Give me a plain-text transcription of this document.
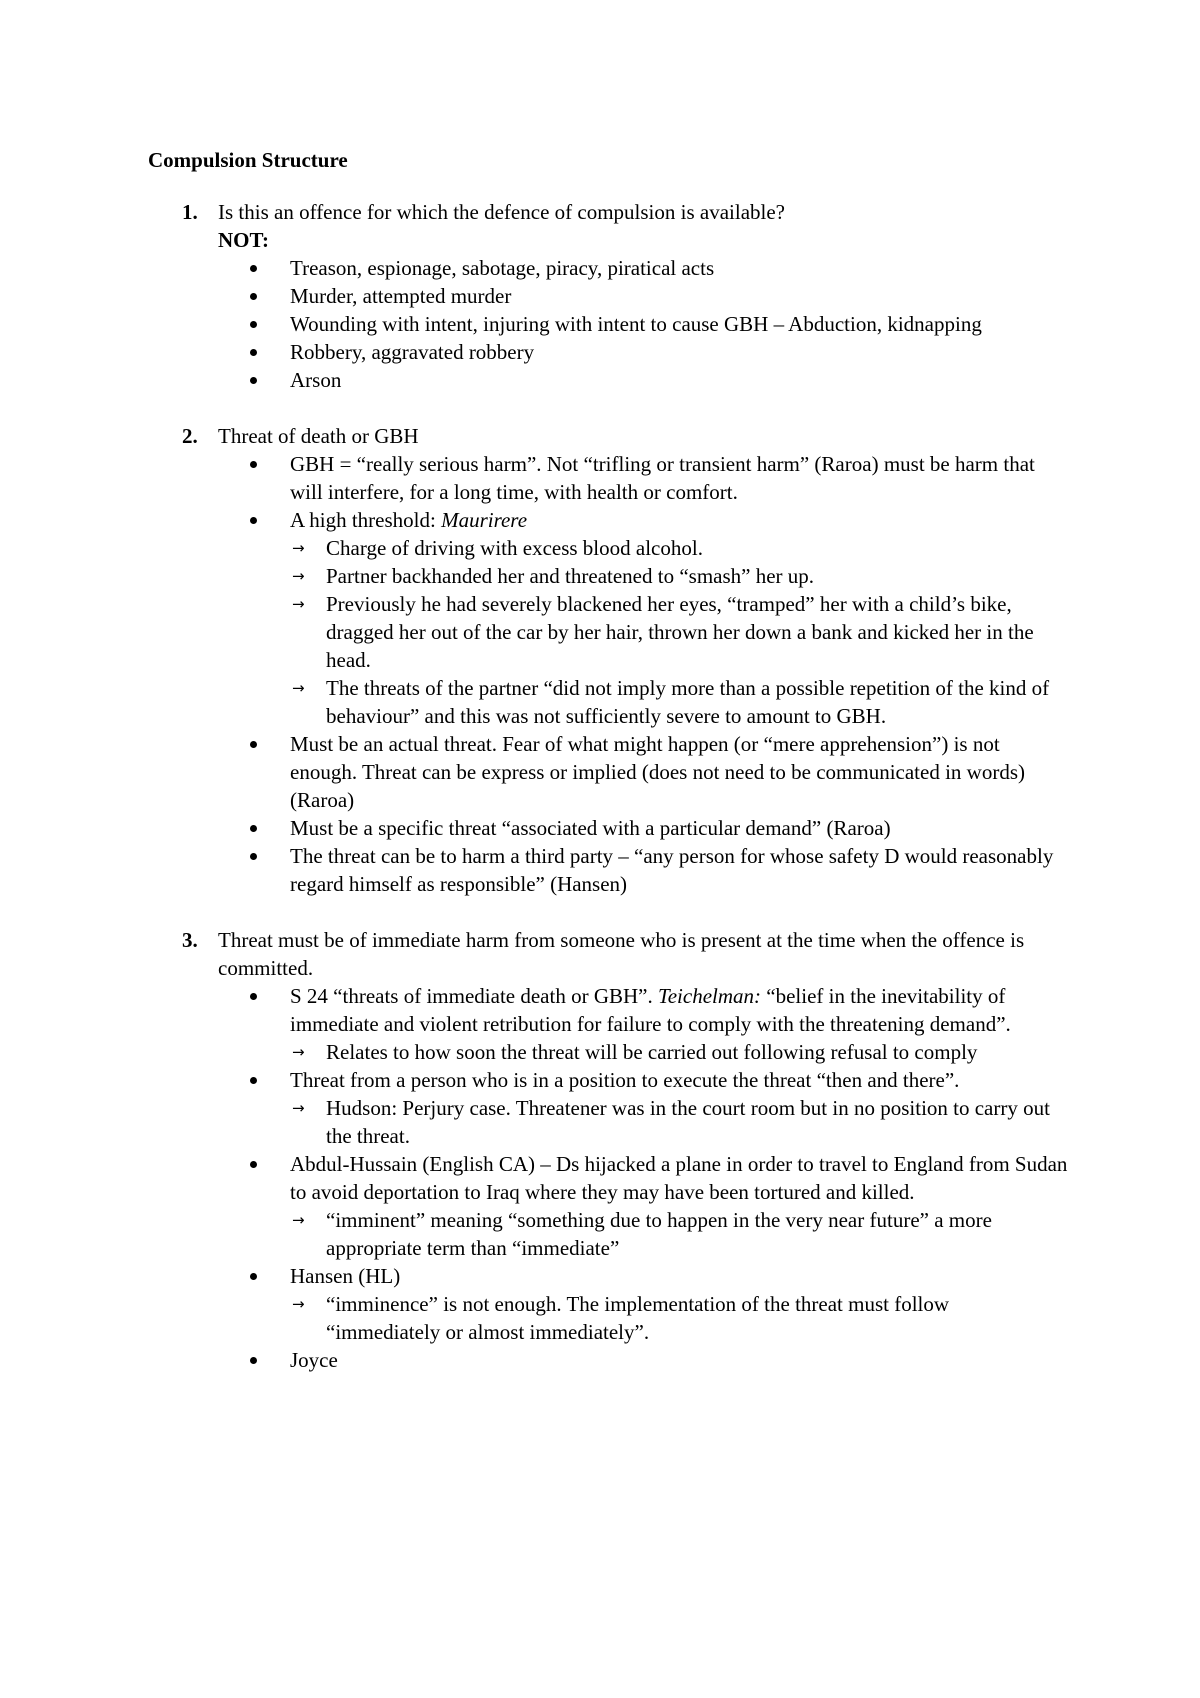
Compulsion Structure
1. Is this an offence for which the defence of compulsion is available?
NOT:
Treason, espionage, sabotage, piracy, piratical acts
Murder, attempted murder
Wounding with intent, injuring with intent to cause GBH – Abduction, kidnapping
Robbery, aggravated robbery
Arson
2. Threat of death or GBH
GBH = “really serious harm”. Not “trifling or transient harm” (Raroa) must be harm that will interfere, for a long time, with health or comfort.
A high threshold: Maurirere
→ Charge of driving with excess blood alcohol.
→ Partner backhanded her and threatened to “smash” her up.
→ Previously he had severely blackened her eyes, “tramped” her with a child’s bike, dragged her out of the car by her hair, thrown her down a bank and kicked her in the head.
→ The threats of the partner “did not imply more than a possible repetition of the kind of behaviour” and this was not sufficiently severe to amount to GBH.
Must be an actual threat. Fear of what might happen (or “mere apprehension”) is not enough. Threat can be express or implied (does not need to be communicated in words) (Raroa)
Must be a specific threat “associated with a particular demand” (Raroa)
The threat can be to harm a third party – “any person for whose safety D would reasonably regard himself as responsible” (Hansen)
3. Threat must be of immediate harm from someone who is present at the time when the offence is committed.
S 24 “threats of immediate death or GBH”. Teichelman: “belief in the inevitability of immediate and violent retribution for failure to comply with the threatening demand”.
→ Relates to how soon the threat will be carried out following refusal to comply
Threat from a person who is in a position to execute the threat “then and there”.
→ Hudson: Perjury case. Threatener was in the court room but in no position to carry out the threat.
Abdul-Hussain (English CA) – Ds hijacked a plane in order to travel to England from Sudan to avoid deportation to Iraq where they may have been tortured and killed.
→ “imminent” meaning “something due to happen in the very near future” a more appropriate term than “immediate”
Hansen (HL)
→ “imminence” is not enough. The implementation of the threat must follow “immediately or almost immediately”.
Joyce
